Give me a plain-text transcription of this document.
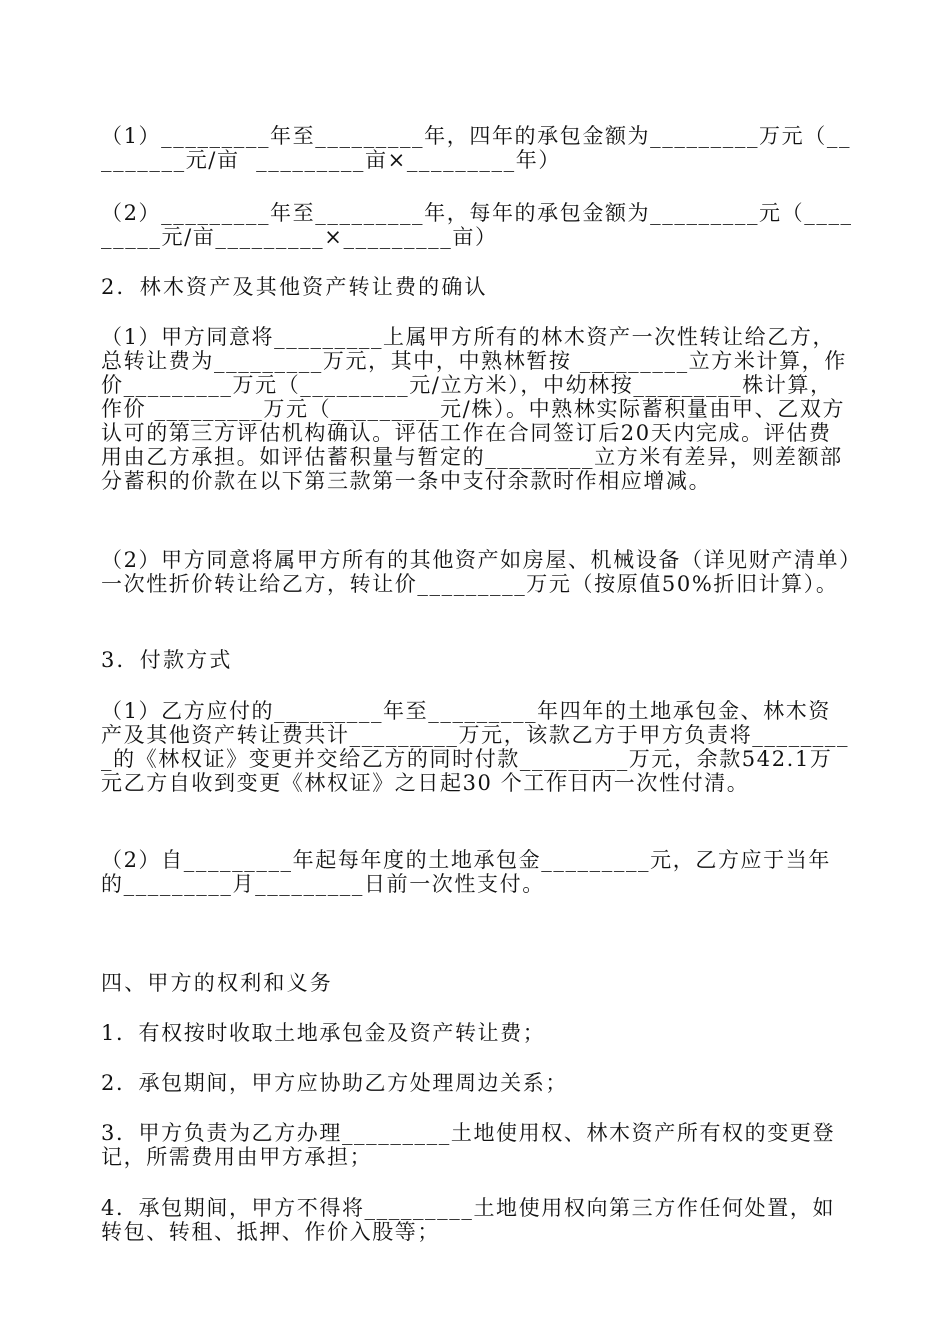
（1）_________年至_________年，四年的承包金额为_________万元（_________元/亩  _________亩×_________年）

（2）_________年至_________年，每年的承包金额为_________元（_________元/亩_________×_________亩）

2．林木资产及其他资产转让费的确认

（1）甲方同意将_________上属甲方所有的林木资产一次性转让给乙方，总转让费为_________万元，其中，中熟林暂按 _________立方米计算，作价_________万元（_________元/立方米），中幼林按_________株计算，作价 _________万元（_________元/株）。中熟林实际蓄积量由甲、乙双方认可的第三方评估机构确认。评估工作在合同签订后20天内完成。评估费用由乙方承担。如评估蓄积量与暂定的_________立方米有差异，则差额部分蓄积的价款在以下第三款第一条中支付余款时作相应增减。

（2）甲方同意将属甲方所有的其他资产如房屋、机械设备（详见财产清单）一次性折价转让给乙方，转让价_________万元（按原值50%折旧计算）。

3．付款方式

（1）乙方应付的_________年至_________年四年的土地承包金、林木资产及其他资产转让费共计_________万元，该款乙方于甲方负责将_________的《林权证》变更并交给乙方的同时付款_________万元，余款542.1万元乙方自收到变更《林权证》之日起30 个工作日内一次性付清。

（2）自_________年起每年度的土地承包金_________元，乙方应于当年的_________月_________日前一次性支付。

四、甲方的权利和义务

1．有权按时收取土地承包金及资产转让费；

2．承包期间，甲方应协助乙方处理周边关系；

3．甲方负责为乙方办理_________土地使用权、林木资产所有权的变更登记，所需费用由甲方承担；

4．承包期间，甲方不得将_________土地使用权向第三方作任何处置，如转包、转租、抵押、作价入股等；
